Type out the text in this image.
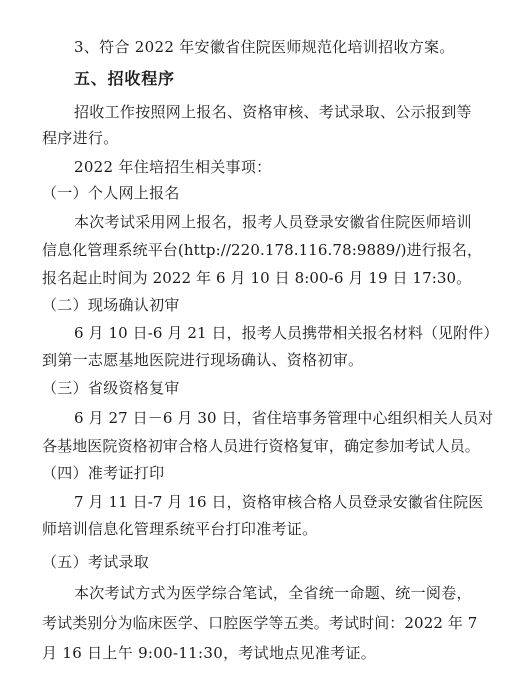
3、符合 2022 年安徽省住院医师规范化培训招收方案。
五、招收程序
招收工作按照网上报名、资格审核、考试录取、公示报到等
程序进行。
2022 年住培招生相关事项：
（一）个人网上报名
本次考试采用网上报名，报考人员登录安徽省住院医师培训
信息化管理系统平台(http://220.178.116.78:9889/)进行报名，
报名起止时间为 2022 年 6 月 10 日 8:00-6 月 19 日 17:30。
（二）现场确认初审
6 月 10 日-6 月 21 日，报考人员携带相关报名材料（见附件）
到第一志愿基地医院进行现场确认、资格初审。
（三）省级资格复审
6 月 27 日－6 月 30 日，省住培事务管理中心组织相关人员对
各基地医院资格初审合格人员进行资格复审，确定参加考试人员。
（四）准考证打印
7 月 11 日-7 月 16 日，资格审核合格人员登录安徽省住院医
师培训信息化管理系统平台打印准考证。
（五）考试录取
本次考试方式为医学综合笔试，全省统一命题、统一阅卷，
考试类别分为临床医学、口腔医学等五类。考试时间：2022 年 7
月 16 日上午 9:00-11:30，考试地点见准考证。
